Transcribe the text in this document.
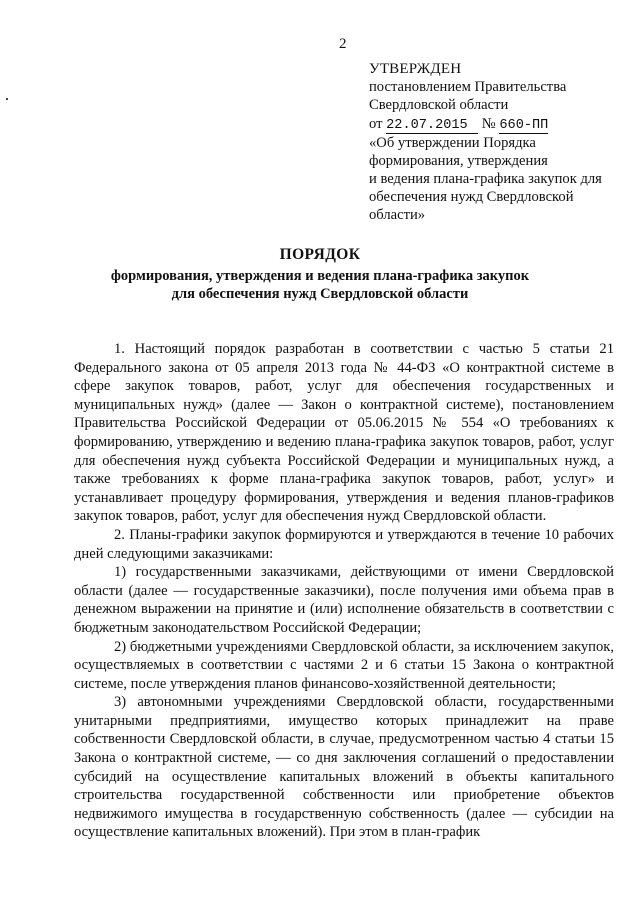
2
УТВЕРЖДЕН
постановлением Правительства
Свердловской области
от 22.07.2015 № 660-ПП
«Об утверждении Порядка
формирования, утверждения
и ведения плана-графика закупок для
обеспечения нужд Свердловской
области»
ПОРЯДОК
формирования, утверждения и ведения плана-графика закупок
для обеспечения нужд Свердловской области

1. Настоящий порядок разработан в соответствии с частью 5 статьи 21 Федерального закона от 05 апреля 2013 года № 44-ФЗ «О контрактной системе в сфере закупок товаров, работ, услуг для обеспечения государственных и муниципальных нужд» (далее — Закон о контрактной системе), постановлением Правительства Российской Федерации от 05.06.2015 № 554 «О требованиях к формированию, утверждению и ведению плана-графика закупок товаров, работ, услуг для обеспечения нужд субъекта Российской Федерации и муниципальных нужд, а также требованиях к форме плана-графика закупок товаров, работ, услуг» и устанавливает процедуру формирования, утверждения и ведения планов-графиков закупок товаров, работ, услуг для обеспечения нужд Свердловской области.

2. Планы-графики закупок формируются и утверждаются в течение 10 рабочих дней следующими заказчиками:

1) государственными заказчиками, действующими от имени Свердловской области (далее — государственные заказчики), после получения ими объема прав в денежном выражении на принятие и (или) исполнение обязательств в соответствии с бюджетным законодательством Российской Федерации;

2) бюджетными учреждениями Свердловской области, за исключением закупок, осуществляемых в соответствии с частями 2 и 6 статьи 15 Закона о контрактной системе, после утверждения планов финансово-хозяйственной деятельности;

3) автономными учреждениями Свердловской области, государственными унитарными предприятиями, имущество которых принадлежит на праве собственности Свердловской области, в случае, предусмотренном частью 4 статьи 15 Закона о контрактной системе, — со дня заключения соглашений о предоставлении субсидий на осуществление капитальных вложений в объекты капитального строительства государственной собственности или приобретение объектов недвижимого имущества в государственную собственность (далее — субсидии на осуществление капитальных вложений). При этом в план-график
